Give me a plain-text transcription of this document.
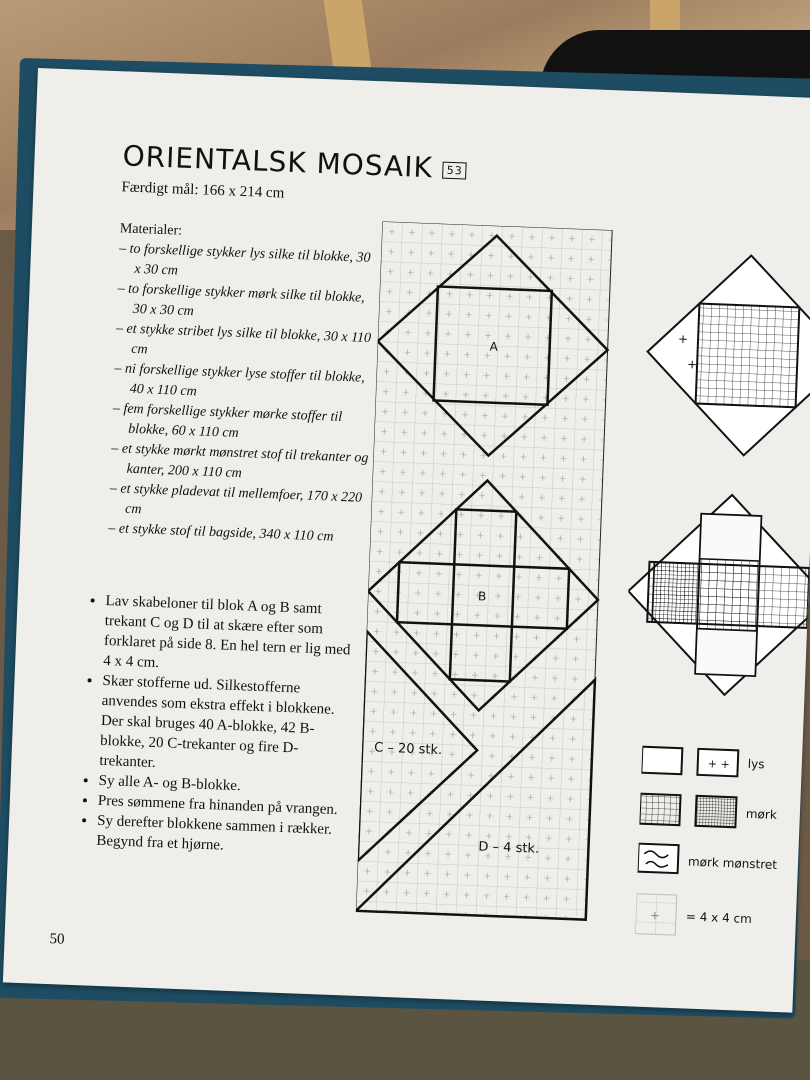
ORIENTALSK MOSAIK 53
Færdigt mål: 166 x 214 cm
Materialer:
– to forskellige stykker lys silke til blokke, 30 x 30 cm
– to forskellige stykker mørk silke til blokke, 30 x 30 cm
– et stykke stribet lys silke til blokke, 30 x 110 cm
– ni forskellige stykker lyse stoffer til blokke, 40 x 110 cm
– fem forskellige stykker mørke stoffer til blokke, 60 x 110 cm
– et stykke mørkt mønstret stof til trekanter og kanter, 200 x 110 cm
– et stykke pladevat til mellemfoer, 170 x 220 cm
– et stykke stof til bagside, 340 x 110 cm
• Lav skabeloner til blok A og B samt trekant C og D til at skære efter som forklaret på side 8. En hel tern er lig med 4 x 4 cm.
• Skær stofferne ud. Silkestofferne anvendes som ekstra effekt i blokkene. Der skal bruges 40 A-blokke, 42 B-blokke, 20 C-trekanter og fire D-trekanter.
• Sy alle A- og B-blokke.
• Pres sømmene fra hinanden på vrangen.
• Sy derefter blokkene sammen i rækker. Begynd fra et hjørne.
A
B
C – 20 stk.
D – 4 stk.
+
+
+ + lys
mørk
mørk mønstret
+ = 4 x 4 cm
50
